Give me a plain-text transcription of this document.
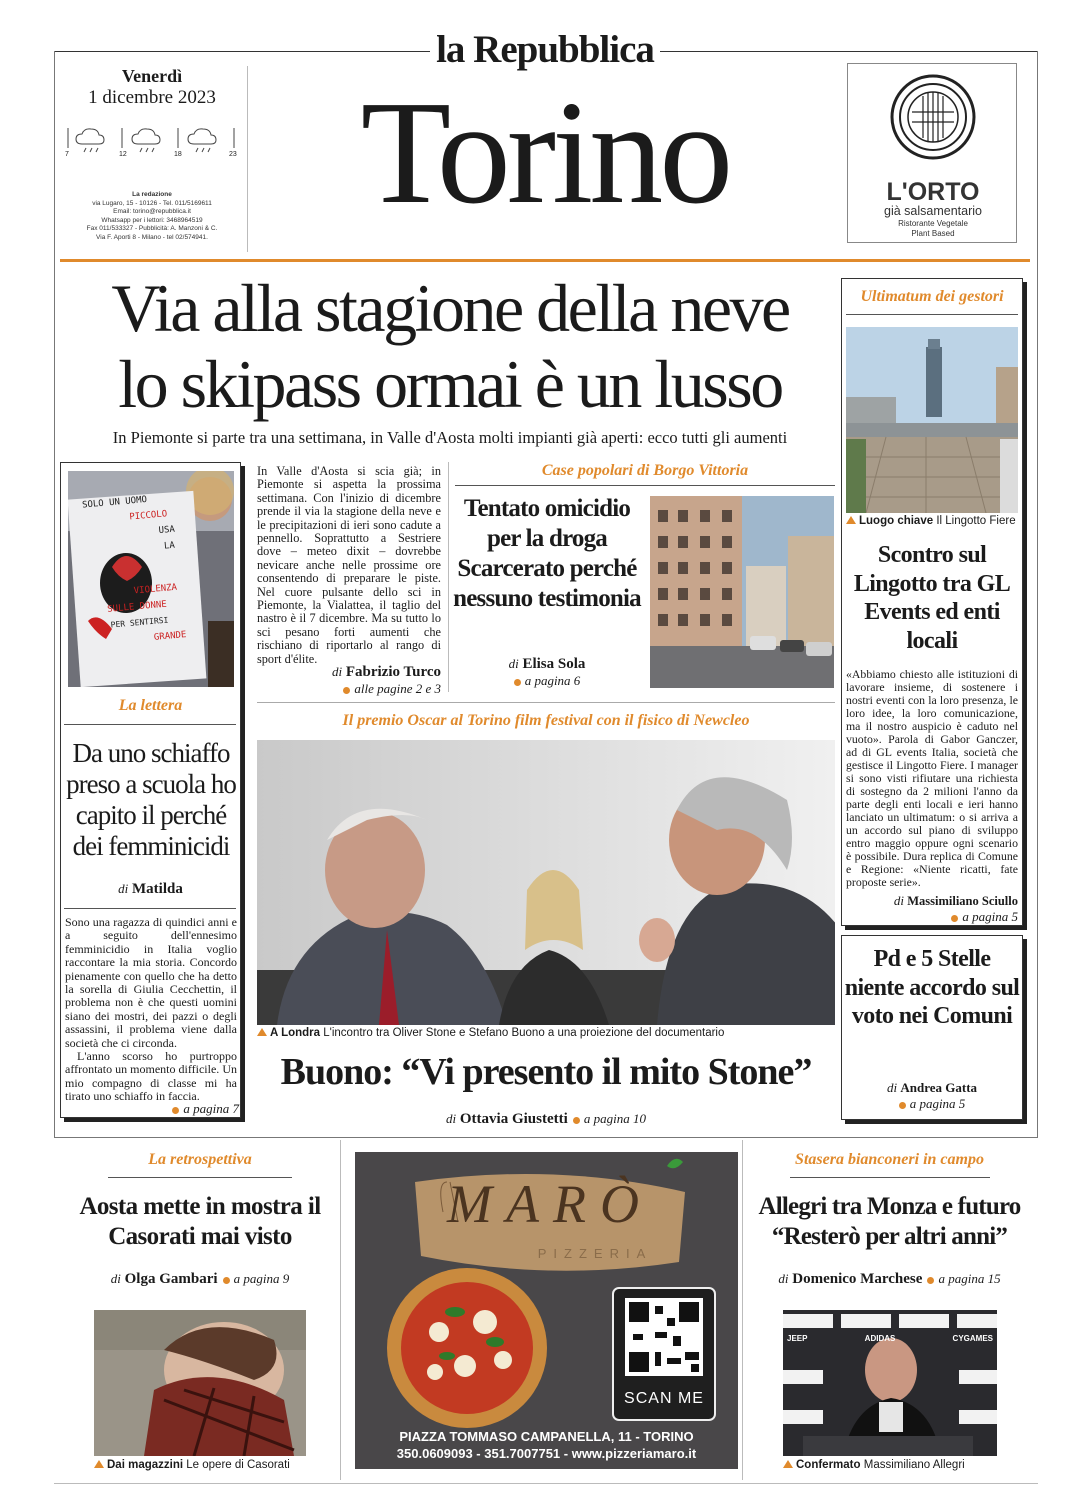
la Repubblica
Venerdì
1 dicembre 2023
7	12	18	23
La redazione
via Lugaro, 15 - 10126 - Tel. 011/5169611
Email: torino@repubblica.it
Whatsapp per i lettori: 3468964519
Fax 011/533327 - Pubblicità: A. Manzoni & C.
Via F. Aporti 8 - Milano - tel 02/574941.
Torino	L'ORTO
già salsamentario
Ristorante Vegetale
Plant Based
Via alla stagione della neve
lo skipass ormai è un lusso
In Piemonte si parte tra una settimana, in Valle d'Aosta molti impianti già aperti: ecco tutti gli aumenti
In Valle d'Aosta si scia già; in Piemonte si aspetta la prossima settimana. Con l'inizio di dicembre prende il via la stagione della neve e le precipitazioni di ieri sono cadute a pennello. Soprattutto a Sestriere dove – meteo dixit – dovrebbe nevicare anche nelle prossime ore consentendo di preparare le piste. Nel cuore pulsante dello sci in Piemonte, la Vialattea, il taglio del nastro è il 7 dicembre. Ma su tutto lo sci pesano forti aumenti che rischiano di riportarlo al rango di sport d'élite.
di Fabrizio Turco
alle pagine 2 e 3
SOLO UN UOMO
PICCOLO
USA
LA
VIOLENZA
SULLE DONNE
PER SENTIRSI
GRANDE
La lettera
Da uno schiaffo preso a scuola ho capito il perché dei femminicidi
di Matilda
Sono una ragazza di quindici anni e a seguito dell'ennesimo femminicidio in Italia voglio raccontare la mia storia. Concordo pienamente con quello che ha detto la sorella di Giulia Cecchettin, il problema non è che questi uomini siano dei mostri, dei pazzi o degli assassini, il problema viene dalla società che ci circonda.
L'anno scorso ho purtroppo affrontato un momento difficile. Un mio compagno di classe mi ha tirato uno schiaffo in faccia.
a pagina 7
Case popolari di Borgo Vittoria
Tentato omicidio per la droga Scarcerato perché nessuno testimonia
di Elisa Sola
a pagina 6
Il premio Oscar al Torino film festival con il fisico di Newcleo
A Londra L'incontro tra Oliver Stone e Stefano Buono a una proiezione del documentario
Buono: “Vi presento il mito Stone”
di Ottavia Giustetti a pagina 10
Ultimatum dei gestori
Luogo chiave Il Lingotto Fiere
Scontro sul Lingotto tra GL Events ed enti locali
«Abbiamo chiesto alle istituzioni di lavorare insieme, di sostenere i nostri eventi con la loro presenza, le loro idee, la loro comunicazione, ma il nostro auspicio è caduto nel vuoto». Parola di Gabor Ganczer, ad di GL events Italia, società che gestisce il Lingotto Fiere. I manager si sono visti rifiutare una richiesta di sostegno da 2 milioni l'anno da parte degli enti locali e ieri hanno lanciato un ultimatum: o si arriva a un accordo sul piano di sviluppo entro maggio oppure ogni scenario è possibile. Dura replica di Comune e Regione: «Niente ricatti, fate proposte serie».
di Massimiliano Sciullo
a pagina 5
Pd e 5 Stelle niente accordo sul voto nei Comuni
di Andrea Gatta
a pagina 5
La retrospettiva
Aosta mette in mostra il Casorati mai visto
di Olga Gambari a pagina 9
Dai magazzini Le opere di Casorati
MARÒ
PIZZERIA
SCAN ME
PIAZZA TOMMASO CAMPANELLA, 11 - TORINO
350.0609093 - 351.7007751 - www.pizzeriamaro.it
Stasera bianconeri in campo
Allegri tra Monza e futuro
“Resterò per altri anni”
di Domenico Marchese a pagina 15
JEEP	ADIDAS	CYGAMES
Confermato Massimiliano Allegri
